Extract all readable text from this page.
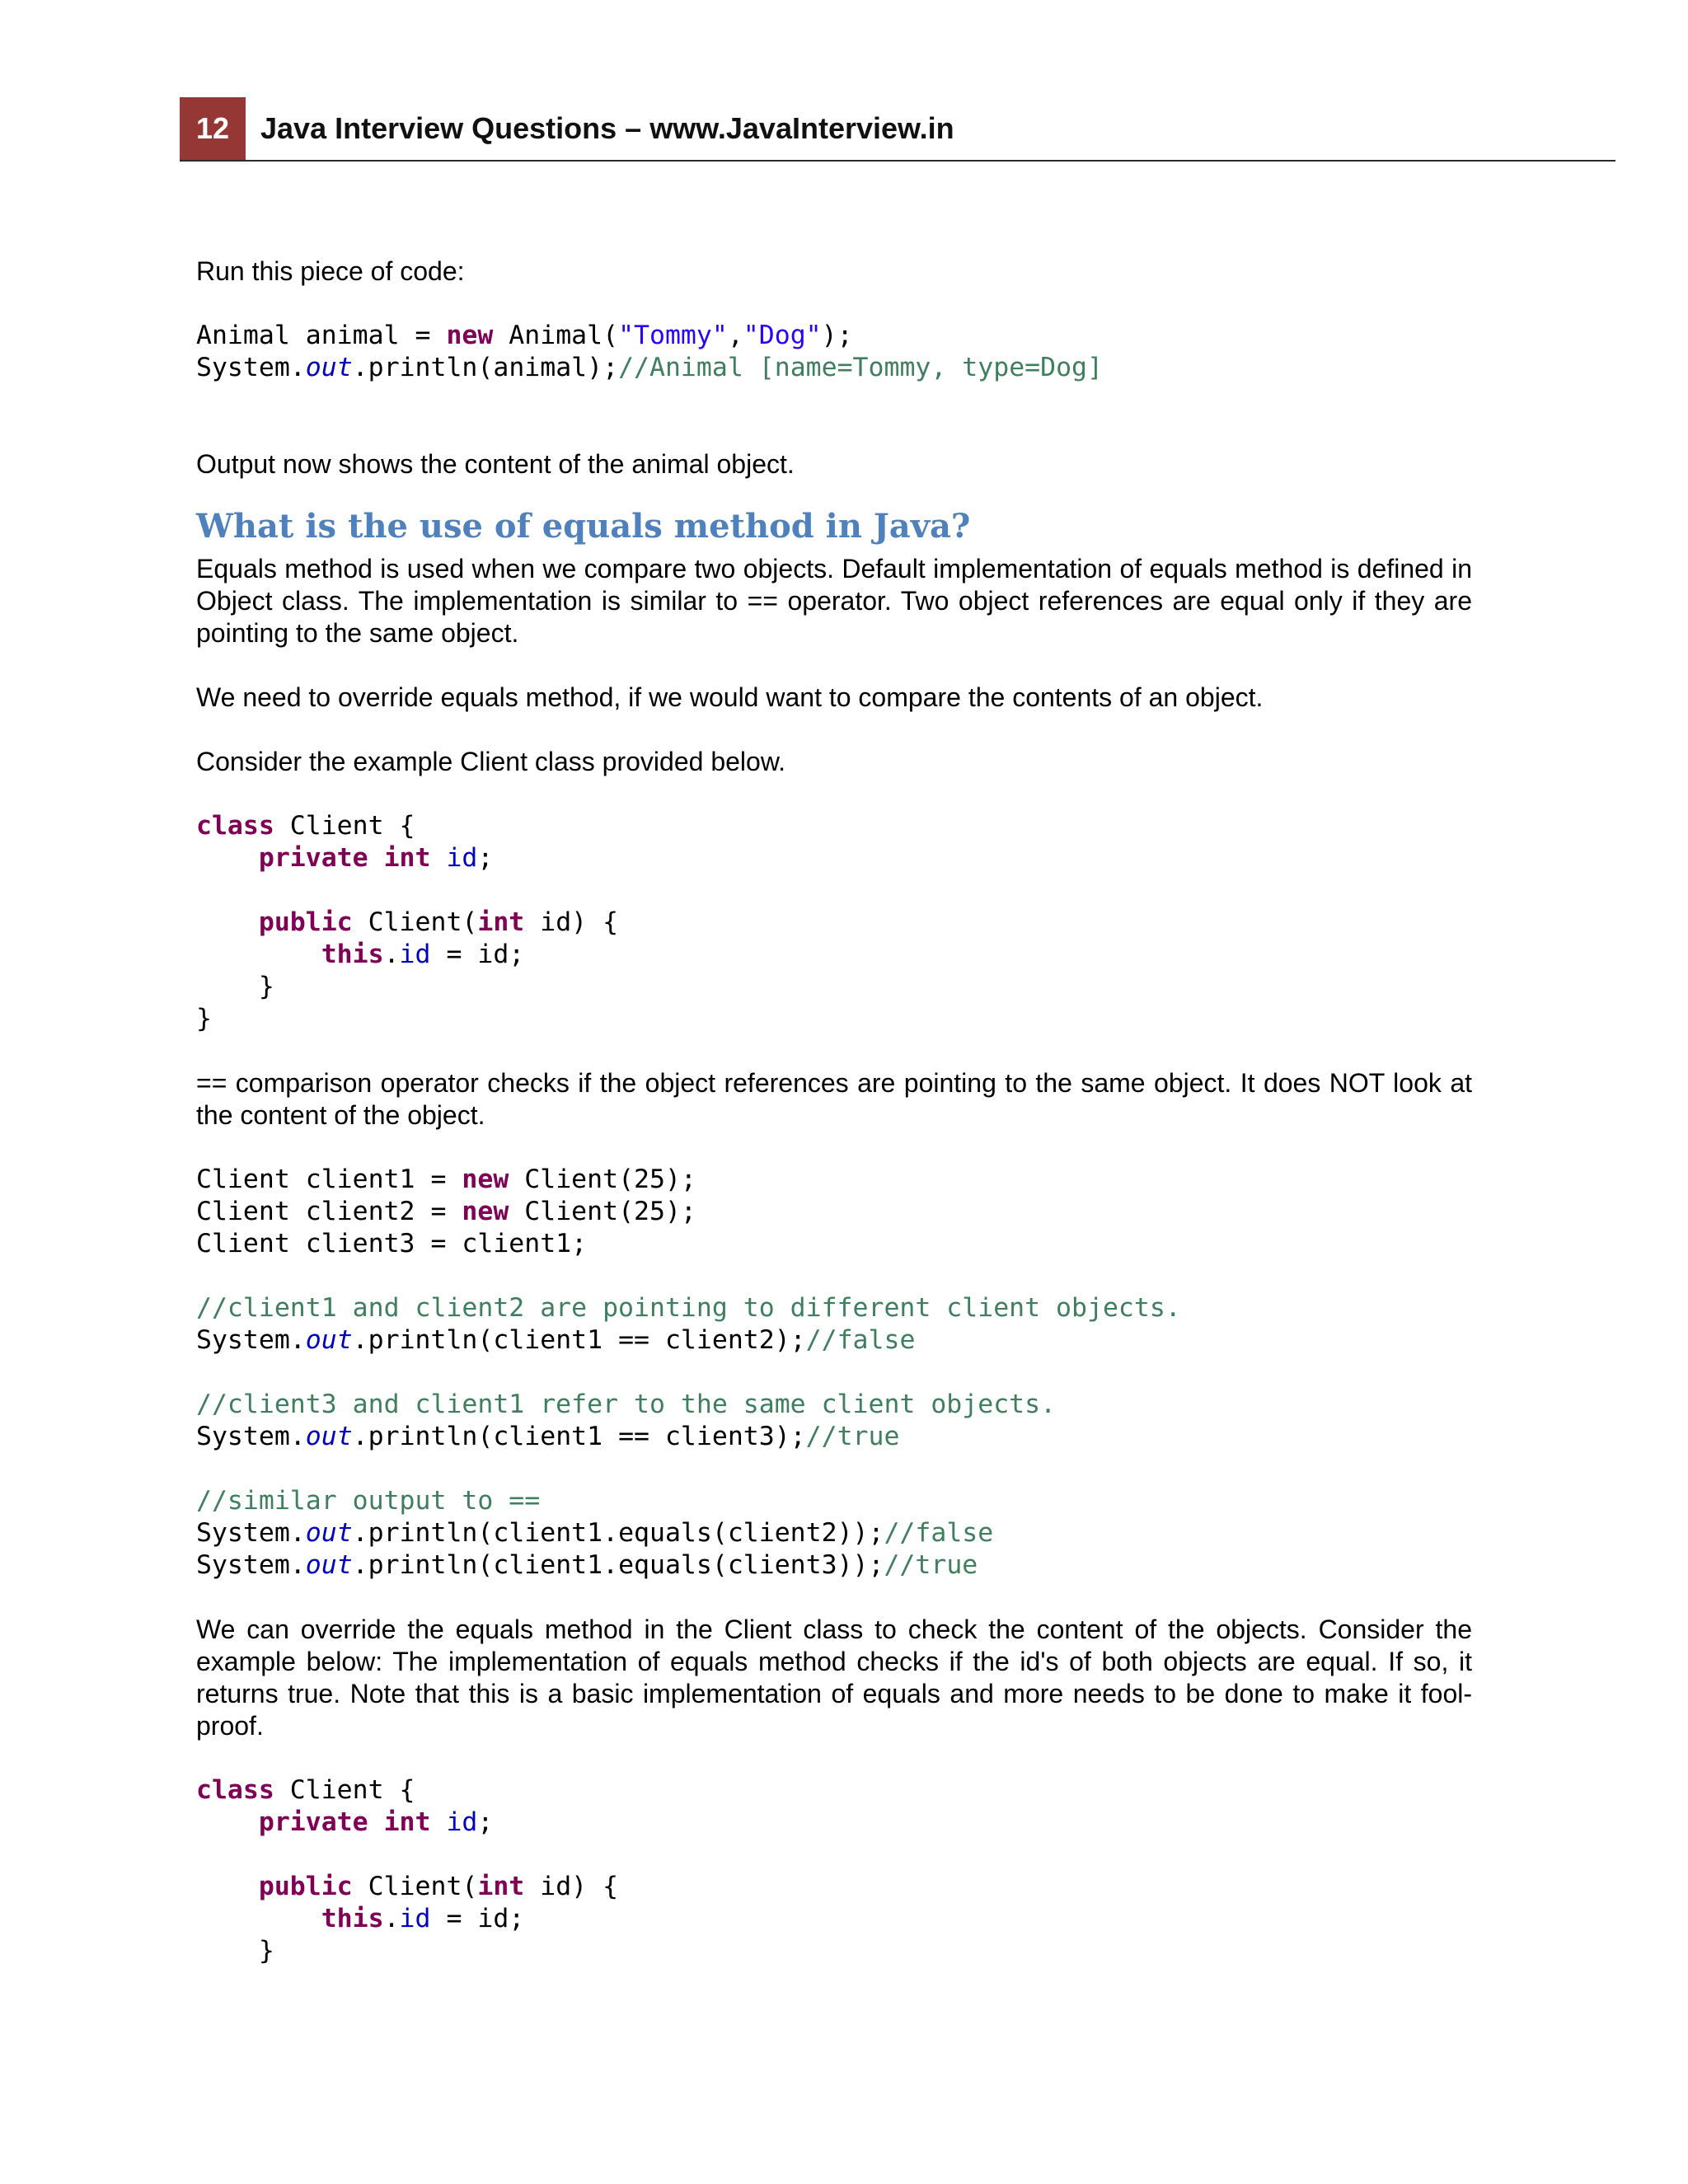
12	Java Interview Questions – www.JavaInterview.in

Run this piece of code:

Animal animal = new Animal("Tommy","Dog");
System.out.println(animal);//Animal [name=Tommy, type=Dog]

Output now shows the content of the animal object.

What is the use of equals method in Java?

Equals method is used when we compare two objects. Default implementation of equals method is defined in Object class. The implementation is similar to == operator. Two object references are equal only if they are pointing to the same object.

We need to override equals method, if we would want to compare the contents of an object.

Consider the example Client class provided below.

class Client {
private int id;
public Client(int id) {
this.id = id;
}
}

== comparison operator checks if the object references are pointing to the same object. It does NOT look at the content of the object.

Client client1 = new Client(25);
Client client2 = new Client(25);
Client client3 = client1;
//client1 and client2 are pointing to different client objects.
System.out.println(client1 == client2);//false
//client3 and client1 refer to the same client objects.
System.out.println(client1 == client3);//true
//similar output to ==
System.out.println(client1.equals(client2));//false
System.out.println(client1.equals(client3));//true

We can override the equals method in the Client class to check the content of the objects. Consider the example below: The implementation of equals method checks if the id's of both objects are equal. If so, it returns true. Note that this is a basic implementation of equals and more needs to be done to make it fool-proof.

class Client {
private int id;
public Client(int id) {
this.id = id;
}
